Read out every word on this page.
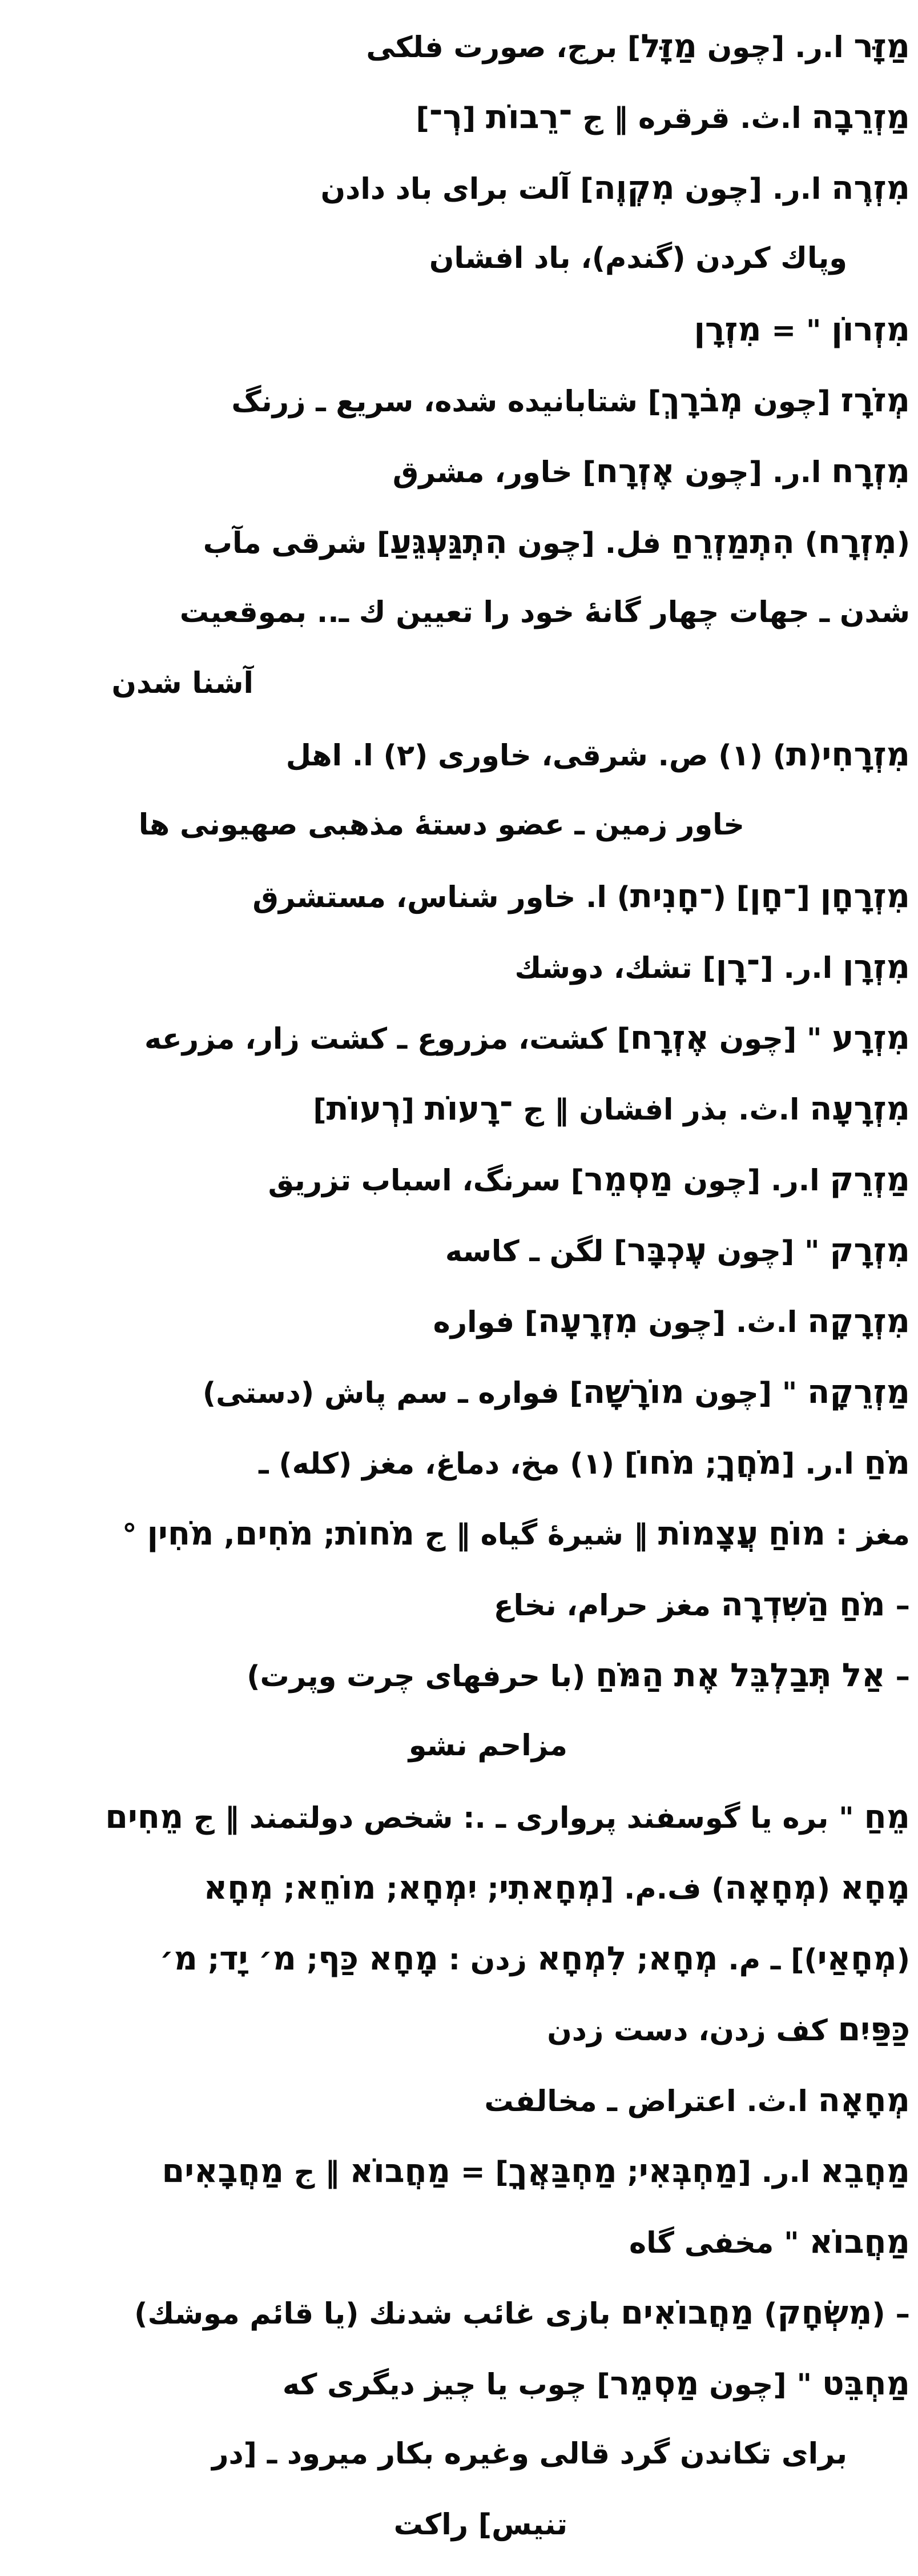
מַזָּר ا.ر. [چون מַזָּל] برج، صورت فلكى
מַזְרֵבָה ا.ث. قرقره ‖ ج ־רֵבוֹת [רְ־]
מִזְרֶה ا.ر. [چون מִקְוֶה] آلت براى باد دادن
وپاك كردن (گندم)، باد افشان
מִזְרוֹן " = מִזְרָן
מְזֹרָז [چون מְבֹרָךְ] شتابانيده شده، سريع ـ زرنگ
מִזְרָח ا.ر. [چون אֶזְרָח] خاور، مشرق
(מִזְרָח) הִתְמַזְרֵחַ فل. [چون הִתְגַּעְגֵּעַ] شرقى مآب
شدن ـ جهات چهار گانهٔ خود را تعيين ك ـ.. بموقعيت
آشنا شدن
מִזְרָחִי(ת) (١) ص. شرقى، خاورى (٢) ا. اهل
خاور زمين ـ عضو دستهٔ مذهبى صهيونى ها
מִזְרָחָן [־חָן] (־חָנִית) ا. خاور شناس، مستشرق
מִזְרָן ا.ر. [־רָן] تشك، دوشك
מִזְרָע " [چون אֶזְרָח] كشت، مزروع ـ كشت زار، مزرعه
מִזְרָעָה ا.ث. بذر افشان ‖ ج ־רָעוֹת [רְעוֹת]
מַזְרֵק ا.ر. [چون מַסְמֵר] سرنگ، اسباب تزريق
מִזְרָק " [چون עֶכְבָּר] لگن ـ كاسه
מִזְרָקָה ا.ث. [چون מִזְרָעָה] فواره
מַזְרֵקָה " [چون מוֹרָשָׁה] فواره ـ سم پاش (دستى)
מֹחַ ا.ر. [מֹחֲךָ; מֹחוֹ] (١) مخ، دماغ، مغز (كله) ـ
مغز : מוֹחַ עֲצָמוֹת ‖ شيرهٔ گياه ‖ ج מֹחוֹת; מֹחִים, מֹחִין °
– מֹחַ הַשִּׁדְרָה مغز حرام، نخاع
– אַל תְּבַלְבֵּל אֶת הַמֹּחַ (با حرفهاى چرت وپرت)
مزاحم نشو
מֵחַ " بره يا گوسفند پروارى ـ .: شخص دولتمند ‖ ج מֵחִים
מָחָא (מְחָאָה) ف.م. [מְחָאתִי; יִמְחָא; מוֹחֵא; מְחָא
(מְחָאַי)] ـ م. מְחָא; לִמְחָא زدن : מָחָא כַּף; מ׳ יָד; מ׳
כַּפַּיִם كف زدن، دست زدن
מְחָאָה ا.ث. اعتراض ـ مخالفت
מַחֲבֵא ا.ر. [מַחְבְּאִי; מַחְבַּאֲךָ] = מַחֲבוֹא ‖ ج מַחֲבָאִים
מַחֲבוֹא " مخفى گاه
– (מִשְׂחָק) מַחֲבוֹאִים بازى غائب شدنك (يا قائم موشك)
מַחְבֵּט " [چون מַסְמֵר] چوب يا چيز ديگرى كه
براى تكاندن گرد قالى وغيره بكار ميرود ـ [در
تنيس] راكت
